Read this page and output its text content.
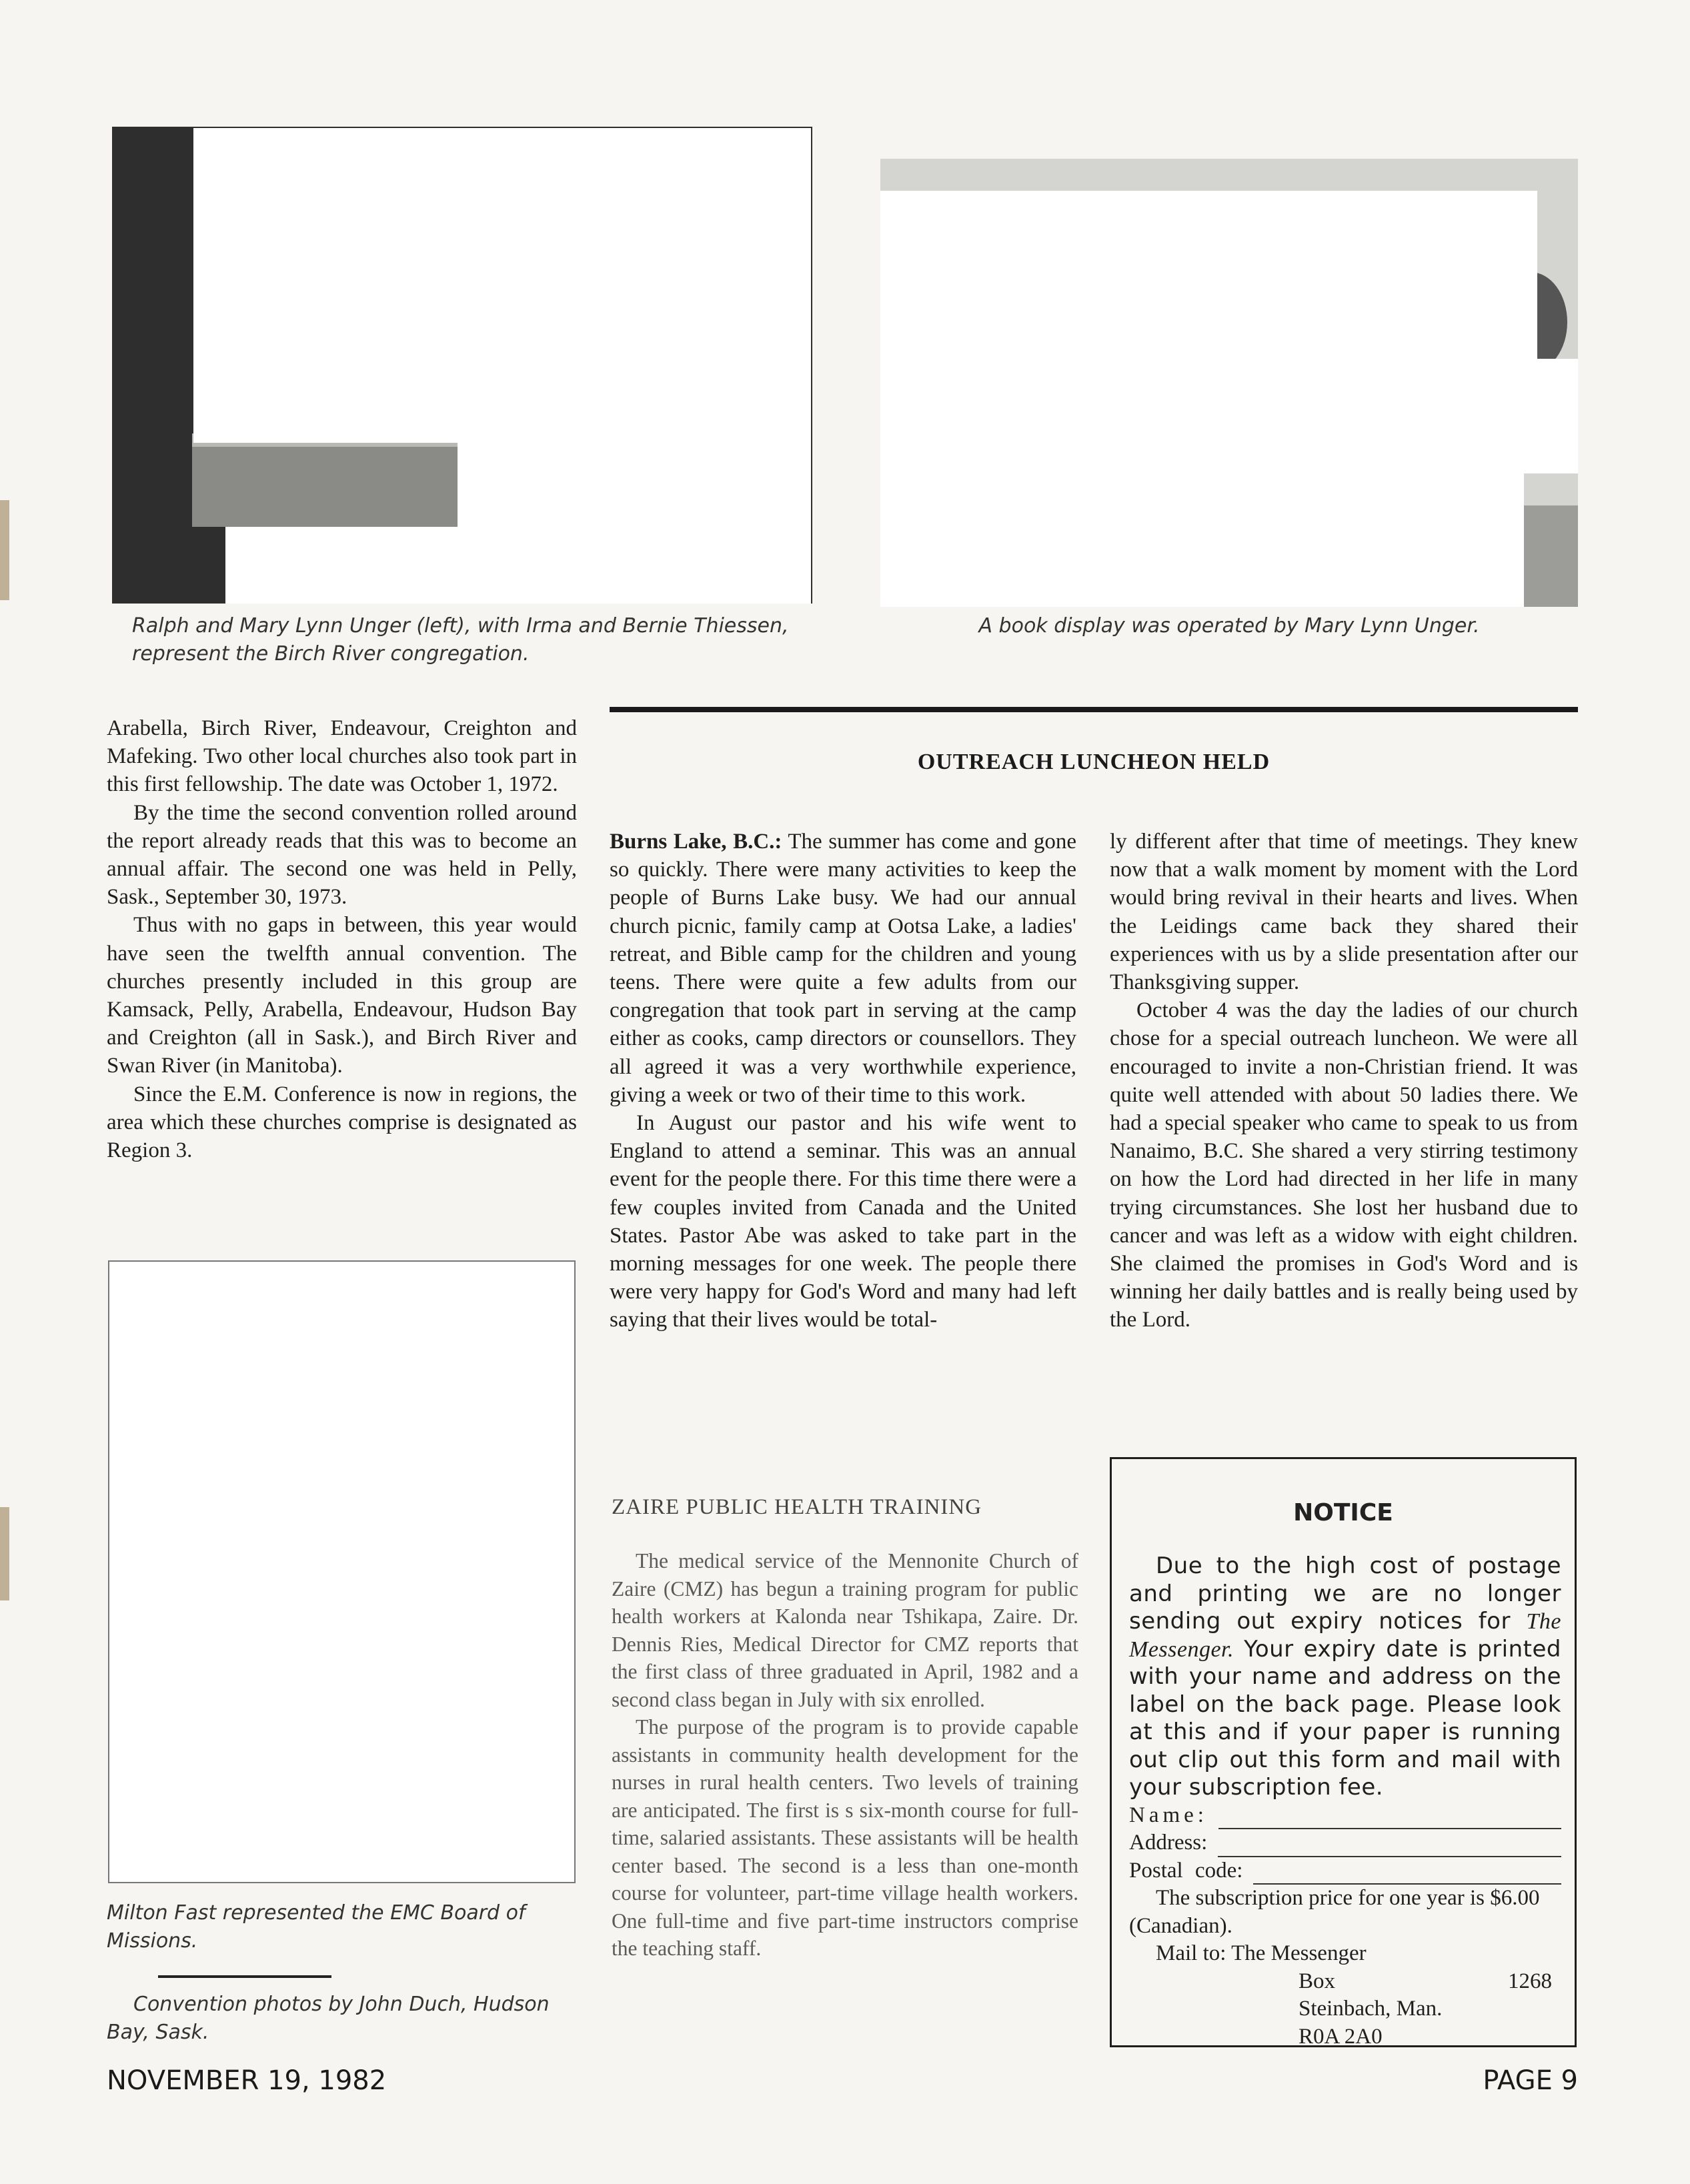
Ralph and Mary Lynn Unger (left), with Irma and Bernie Thiessen, represent the Birch River congregation.

A book display was operated by Mary Lynn Unger.

Arabella, Birch River, Endeavour, Creighton and Mafeking. Two other local churches also took part in this first fellowship. The date was October 1, 1972.

By the time the second convention rolled around the report already reads that this was to become an annual affair. The second one was held in Pelly, Sask., September 30, 1973.

Thus with no gaps in between, this year would have seen the twelfth annual convention. The churches presently included in this group are Kamsack, Pelly, Arabella, Endeavour, Hudson Bay and Creighton (all in Sask.), and Birch River and Swan River (in Manitoba).

Since the E.M. Conference is now in regions, the area which these churches comprise is designated as Region 3.

Milton Fast represented the EMC Board of Missions.

Convention photos by John Duch, Hudson Bay, Sask.

OUTREACH LUNCHEON HELD

Burns Lake, B.C.: The summer has come and gone so quickly. There were many activities to keep the people of Burns Lake busy. We had our annual church picnic, family camp at Ootsa Lake, a ladies' retreat, and Bible camp for the children and young teens. There were quite a few adults from our congregation that took part in serving at the camp either as cooks, camp directors or counsellors. They all agreed it was a very worthwhile experience, giving a week or two of their time to this work.

In August our pastor and his wife went to England to attend a seminar. This was an annual event for the people there. For this time there were a few couples invited from Canada and the United States. Pastor Abe was asked to take part in the morning messages for one week. The people there were very happy for God's Word and many had left saying that their lives would be total-

ly different after that time of meetings. They knew now that a walk moment by moment with the Lord would bring revival in their hearts and lives. When the Leidings came back they shared their experiences with us by a slide presentation after our Thanksgiving supper.

October 4 was the day the ladies of our church chose for a special outreach luncheon. We were all encouraged to invite a non-Christian friend. It was quite well attended with about 50 ladies there. We had a special speaker who came to speak to us from Nanaimo, B.C. She shared a very stirring testimony on how the Lord had directed in her life in many trying circumstances. She lost her husband due to cancer and was left as a widow with eight children. She claimed the promises in God's Word and is winning her daily battles and is really being used by the Lord.

ZAIRE PUBLIC HEALTH TRAINING

The medical service of the Mennonite Church of Zaire (CMZ) has begun a training program for public health workers at Kalonda near Tshikapa, Zaire. Dr. Dennis Ries, Medical Director for CMZ reports that the first class of three graduated in April, 1982 and a second class began in July with six enrolled.

The purpose of the program is to provide capable assistants in community health development for the nurses in rural health centers. Two levels of training are anticipated. The first is s six-month course for full-time, salaried assistants. These assistants will be health center based. The second is a less than one-month course for volunteer, part-time village health workers. One full-time and five part-time instructors comprise the teaching staff.

NOTICE

Due to the high cost of postage and printing we are no longer sending out expiry notices for The Messenger. Your expiry date is printed with your name and address on the label on the back page. Please look at this and if your paper is running out clip out this form and mail with your subscription fee.

Name:
Address:
Postal code:

The subscription price for one year is $6.00 (Canadian).

Mail to: The Messenger
Box	1268
Steinbach, Man.
R0A 2A0

NOVEMBER 19, 1982	PAGE 9
